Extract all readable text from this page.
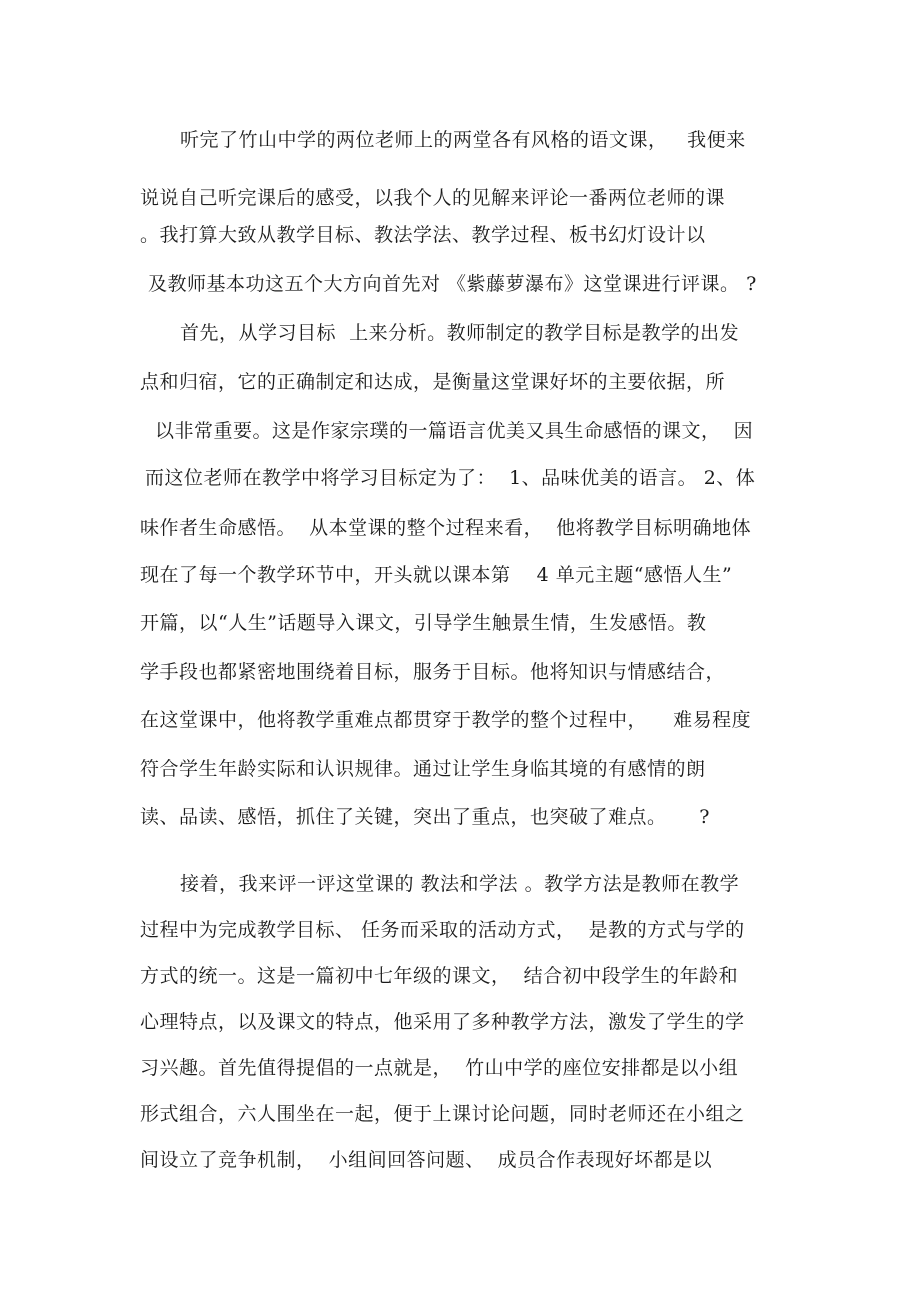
听完了竹山中学的两位老师上的两堂各有风格的语文课，   我便来
说说自己听完课后的感受，以我个人的见解来评论一番两位老师的课
。我打算大致从教学目标、教法学法、教学过程、板书幻灯设计以
及教师基本功这五个大方向首先对 《紫藤萝瀑布》这堂课进行评课。 ?
首先，从学习目标  上来分析。教师制定的教学目标是教学的出发
点和归宿，它的正确制定和达成，是衡量这堂课好坏的主要依据，所
以非常重要。这是作家宗璞的一篇语言优美又具生命感悟的课文，  因
而这位老师在教学中将学习目标定为了：  1、品味优美的语言。 2、体
味作者生命感悟。  从本堂课的整个过程来看，  他将教学目标明确地体
现在了每一个教学环节中，开头就以课本第    4 单元主题“感悟人生”
开篇，以“人生”话题导入课文，引导学生触景生情，生发感悟。教
学手段也都紧密地围绕着目标，服务于目标。他将知识与情感结合，
在这堂课中，他将教学重难点都贯穿于教学的整个过程中，    难易程度
符合学生年龄实际和认识规律。通过让学生身临其境的有感情的朗
读、品读、感悟，抓住了关键，突出了重点，也突破了难点。     ?
接着，我来评一评这堂课的 教法和学法 。教学方法是教师在教学
过程中为完成教学目标、 任务而采取的活动方式，  是教的方式与学的
方式的统一。这是一篇初中七年级的课文，  结合初中段学生的年龄和
心理特点，以及课文的特点，他采用了多种教学方法，激发了学生的学
习兴趣。首先值得提倡的一点就是，  竹山中学的座位安排都是以小组
形式组合，六人围坐在一起，便于上课讨论问题，同时老师还在小组之
间设立了竞争机制，  小组间回答问题、  成员合作表现好坏都是以
